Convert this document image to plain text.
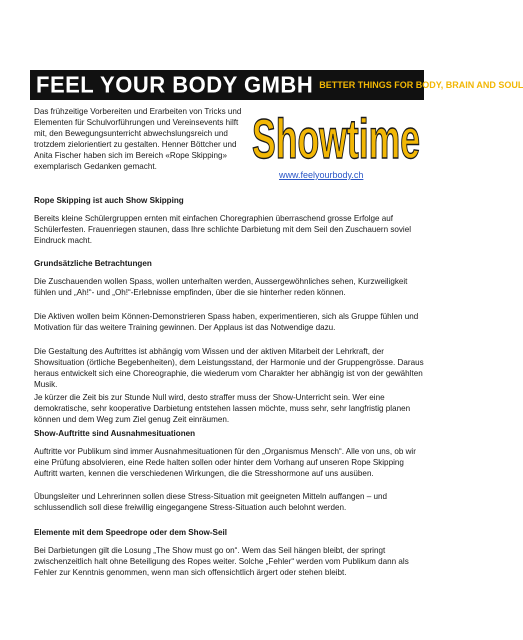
FEEL YOUR BODY GMBH BETTER THINGS FOR BODY, BRAIN AND SOUL

Das frühzeitige Vorbereiten und Erarbeiten von Tricks und Elementen für Schulvorführungen und Vereinsevents hilft mit, den Bewegungsunterricht abwechslungsreich und trotzdem zielorientiert zu gestalten. Henner Böttcher und Anita Fischer haben sich im Bereich «Rope Skipping» exemplarisch Gedanken gemacht.	Showtime
www.feelyourbody.ch

Rope Skipping ist auch Show Skipping

Bereits kleine Schülergruppen ernten mit einfachen Choregraphien überraschend grosse Erfolge auf Schülerfesten. Frauenriegen staunen, dass Ihre schlichte Darbietung mit dem Seil den Zuschauern soviel Eindruck macht.

Grundsätzliche Betrachtungen

Die Zuschauenden wollen Spass, wollen unterhalten werden, Aussergewöhnliches sehen, Kurzweiligkeit fühlen und „Ah!“- und „Oh!“-Erlebnisse empfinden, über die sie hinterher reden können.

Die Aktiven wollen beim Können-Demonstrieren Spass haben, experimentieren, sich als Gruppe fühlen und Motivation für das weitere Training gewinnen. Der Applaus ist das Notwendige dazu.

Die Gestaltung des Auftrittes ist abhängig vom Wissen und der aktiven Mitarbeit der Lehrkraft, der Showsituation (örtliche Begebenheiten), dem Leistungsstand, der Harmonie und der Gruppengrösse. Daraus heraus entwickelt sich eine Choreographie, die wiederum vom Charakter her abhängig ist von der gewählten Musik.

Je kürzer die Zeit bis zur Stunde Null wird, desto straffer muss der Show-Unterricht sein. Wer eine demokratische, sehr kooperative Darbietung entstehen lassen möchte, muss sehr, sehr langfristig planen können und dem Weg zum Ziel genug Zeit einräumen.

Show-Auftritte sind Ausnahmesituationen

Auftritte vor Publikum sind immer Ausnahmesituationen für den „Organismus Mensch“. Alle von uns, ob wir eine Prüfung absolvieren, eine Rede halten sollen oder hinter dem Vorhang auf unseren Rope Skipping Auftritt warten, kennen die verschiedenen Wirkungen, die die Stresshormone auf uns ausüben.

Übungsleiter und Lehrerinnen sollen diese Stress-Situation mit geeigneten Mitteln auffangen – und schlussendlich soll diese freiwillig eingegangene Stress-Situation auch belohnt werden.

Elemente mit dem Speedrope oder dem Show-Seil

Bei Darbietungen gilt die Losung „The Show must go on“. Wem das Seil hängen bleibt, der springt zwischenzeitlich halt ohne Beteiligung des Ropes weiter. Solche „Fehler“ werden vom Publikum dann als Fehler zur Kenntnis genommen, wenn man sich offensichtlich ärgert oder stehen bleibt.
